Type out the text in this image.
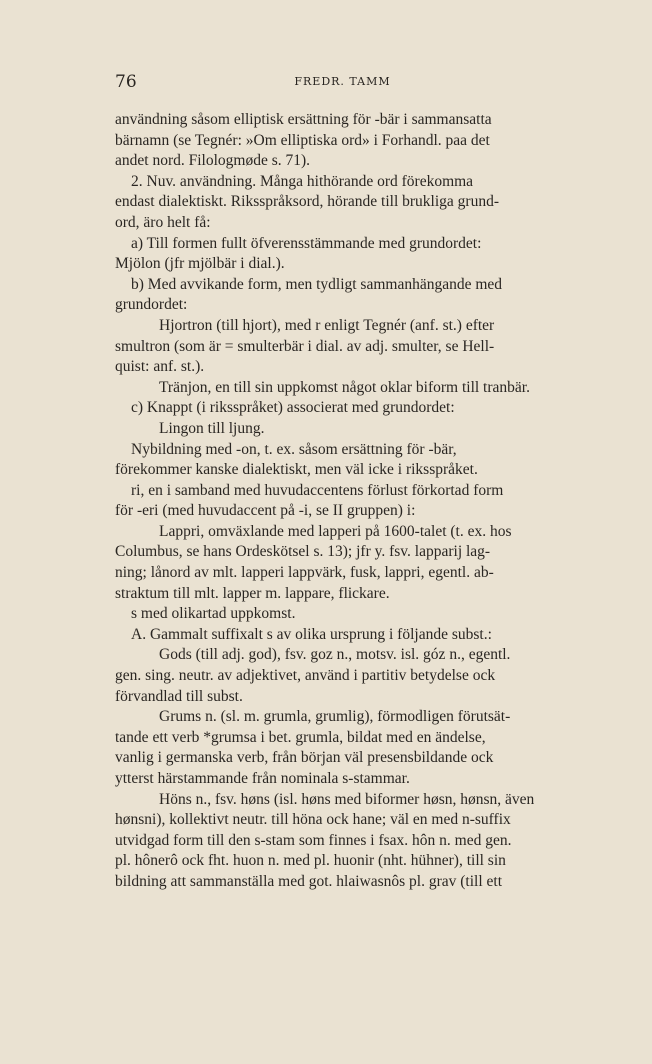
76	FREDR. TAMM
användning såsom elliptisk ersättning för -bär i sammansatta
bärnamn (se Tegnér: »Om elliptiska ord» i Forhandl. paa det
andet nord. Filologmøde s. 71).
2. Nuv. användning. Många hithörande ord förekomma
endast dialektiskt. Riksspråksord, hörande till brukliga grund-
ord, äro helt få:
a) Till formen fullt öfverensstämmande med grundordet:
Mjölon (jfr mjölbär i dial.).
b) Med avvikande form, men tydligt sammanhängande med
grundordet:
Hjortron (till hjort), med r enligt Tegnér (anf. st.) efter
smultron (som är = smulterbär i dial. av adj. smulter, se Hell-
quist: anf. st.).
Tränjon, en till sin uppkomst något oklar biform till tranbär.
c) Knappt (i riksspråket) associerat med grundordet:
Lingon till ljung.
Nybildning med -on, t. ex. såsom ersättning för -bär,
förekommer kanske dialektiskt, men väl icke i riksspråket.
ri, en i samband med huvudaccentens förlust förkortad form
för -eri (med huvudaccent på -i, se II gruppen) i:
Lappri, omväxlande med lapperi på 1600-talet (t. ex. hos
Columbus, se hans Ordeskötsel s. 13); jfr y. fsv. lapparij lag-
ning; lånord av mlt. lapperi lappvärk, fusk, lappri, egentl. ab-
straktum till mlt. lapper m. lappare, flickare.
s med olikartad uppkomst.
A. Gammalt suffixalt s av olika ursprung i följande subst.:
Gods (till adj. god), fsv. goz n., motsv. isl. góz n., egentl.
gen. sing. neutr. av adjektivet, använd i partitiv betydelse ock
förvandlad till subst.
Grums n. (sl. m. grumla, grumlig), förmodligen förutsät-
tande ett verb *grumsa i bet. grumla, bildat med en ändelse,
vanlig i germanska verb, från början väl presensbildande ock
ytterst härstammande från nominala s-stammar.
Höns n., fsv. høns (isl. høns med biformer høsn, hønsn, även
hønsni), kollektivt neutr. till höna ock hane; väl en med n-suffix
utvidgad form till den s-stam som finnes i fsax. hôn n. med gen.
pl. hônerô ock fht. huon n. med pl. huonir (nht. hühner), till sin
bildning att sammanställa med got. hlaiwasnôs pl. grav (till ett
